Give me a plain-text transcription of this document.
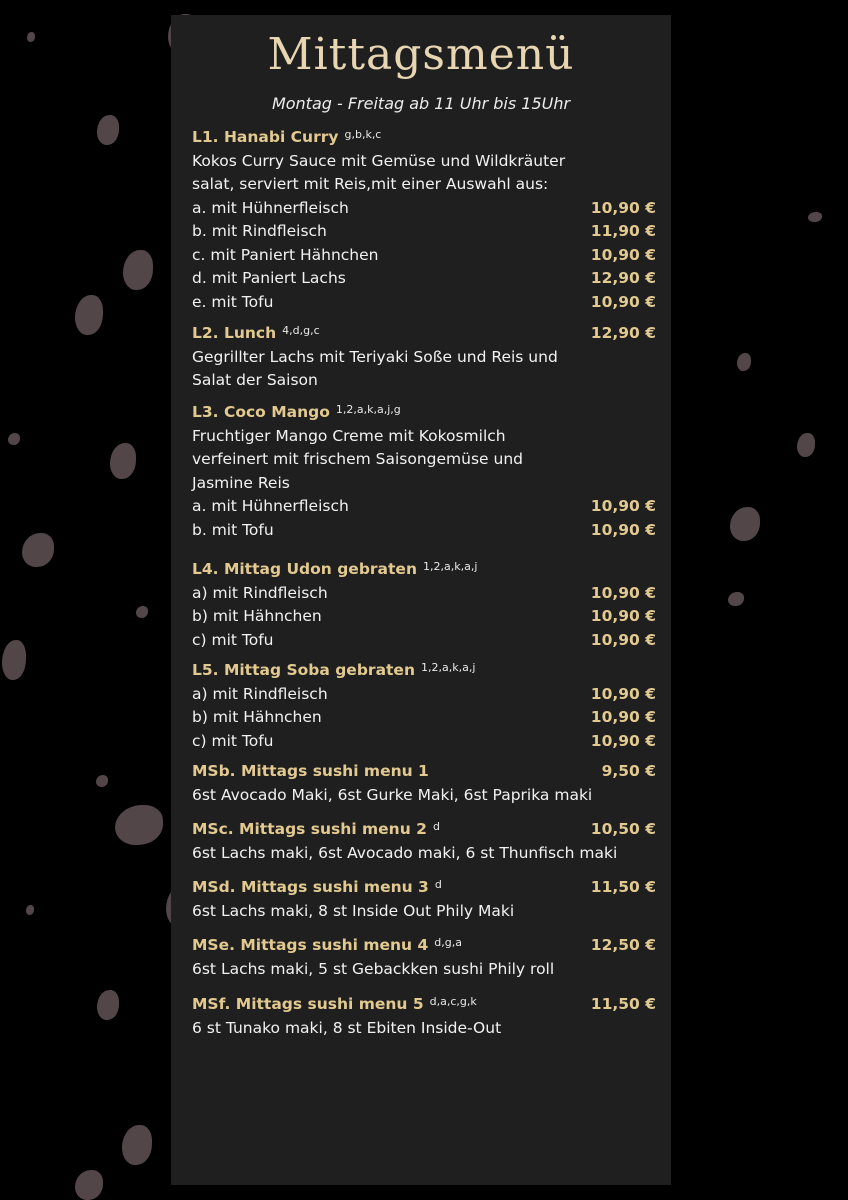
Mittagsmenü

Montag - Freitag ab 11 Uhr bis 15Uhr

L1. Hanabi Curry $^{g,b,k,c}$
Kokos Curry Sauce mit Gemüse und Wildkräuter
salat, serviert mit Reis,mit einer Auswahl aus:
a. mit Hühnerfleisch	10,90 €
b. mit Rindfleisch	11,90 €
c. mit Paniert Hähnchen	10,90 €
d. mit Paniert Lachs	12,90 €
e. mit Tofu	10,90 €
L2. Lunch $^{4,d,g,c}$	12,90 €
Gegrillter Lachs mit Teriyaki Soße und Reis und
Salat der Saison
L3. Coco Mango $^{1,2,a,k,a,j,g}$
Fruchtiger Mango Creme mit Kokosmilch
verfeinert mit frischem Saisongemüse und
Jasmine Reis
a. mit Hühnerfleisch	10,90 €
b. mit Tofu	10,90 €
L4. Mittag Udon gebraten $^{1,2,a,k,a,j}$
a) mit Rindfleisch	10,90 €
b) mit Hähnchen	10,90 €
c) mit Tofu	10,90 €
L5. Mittag Soba gebraten $^{1,2,a,k,a,j}$
a) mit Rindfleisch	10,90 €
b) mit Hähnchen	10,90 €
c) mit Tofu	10,90 €
MSb. Mittags sushi menu 1	9,50 €
6st Avocado Maki, 6st Gurke Maki, 6st Paprika maki
MSc. Mittags sushi menu 2 $^d$	10,50 €
6st Lachs maki, 6st Avocado maki, 6 st Thunfisch maki
MSd. Mittags sushi menu 3 $^d$	11,50 €
6st Lachs maki, 8 st Inside Out Phily Maki
MSe. Mittags sushi menu 4 $^{d,g,a}$	12,50 €
6st Lachs maki, 5 st Gebackken sushi Phily roll
MSf. Mittags sushi menu 5 $^{d,a,c,g,k}$	11,50 €
6 st Tunako maki, 8 st Ebiten Inside-Out
